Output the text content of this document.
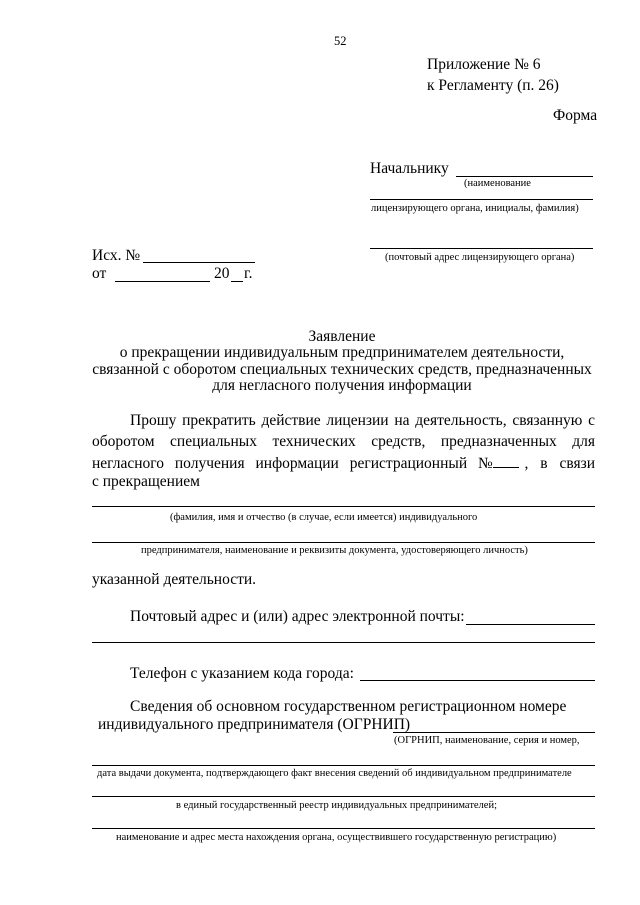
52
Приложение № 6
к Регламенту (п. 26)
Форма
Начальнику
(наименование
лицензирующего органа, инициалы, фамилия)
(почтовый адрес лицензирующего органа)
Исх. №
от	20 г.
Заявление
о прекращении индивидуальным предпринимателем деятельности,
связанной с оборотом специальных технических средств, предназначенных
для негласного получения информации
Прошу прекратить действие лицензии на деятельность, связанную с
оборотом специальных технических средств, предназначенных для
негласного получения информации регистрационный № , в связи
с прекращением
(фамилия, имя и отчество (в случае, если имеется) индивидуального
предпринимателя, наименование и реквизиты документа, удостоверяющего личность)
указанной деятельности.
Почтовый адрес и (или) адрес электронной почты:
Телефон с указанием кода города:
Сведения об основном государственном регистрационном номере
индивидуального предпринимателя (ОГРНИП)
(ОГРНИП, наименование, серия и номер,
дата выдачи документа, подтверждающего факт внесения сведений об индивидуальном предпринимателе
в единый государственный реестр индивидуальных предпринимателей;
наименование и адрес места нахождения органа, осуществившего государственную регистрацию)
